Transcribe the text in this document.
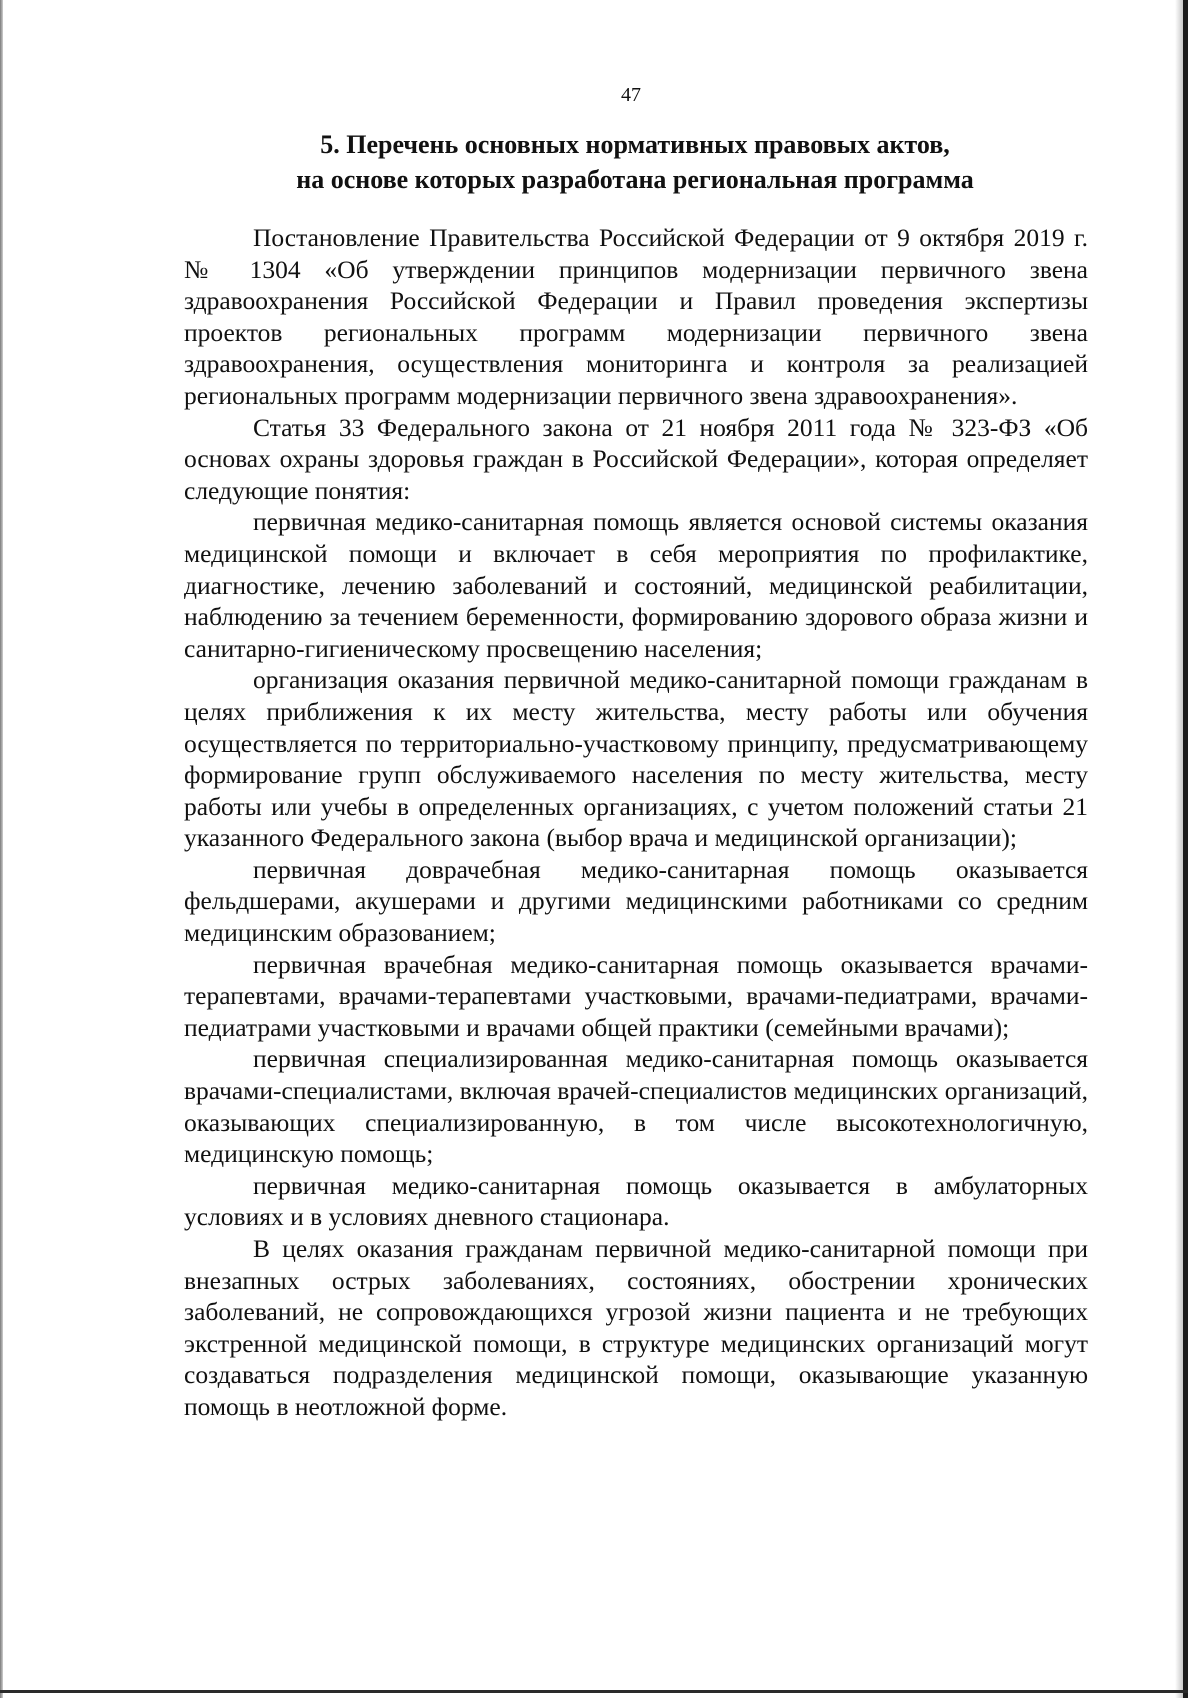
47
5. Перечень основных нормативных правовых актов,
на основе которых разработана региональная программа

Постановление Правительства Российской Федерации от 9 октября 2019 г. № 1304 «Об утверждении принципов модернизации первичного звена здравоохранения Российской Федерации и Правил проведения экспертизы проектов региональных программ модернизации первичного звена здравоохранения, осуществления мониторинга и контроля за реализацией региональных программ модернизации первичного звена здравоохранения».

Статья 33 Федерального закона от 21 ноября 2011 года № 323-ФЗ «Об основах охраны здоровья граждан в Российской Федерации», которая определяет следующие понятия:

первичная медико-санитарная помощь является основой системы оказания медицинской помощи и включает в себя мероприятия по профилактике, диагностике, лечению заболеваний и состояний, медицинской реабилитации, наблюдению за течением беременности, формированию здорового образа жизни и санитарно-гигиеническому просвещению населения;

организация оказания первичной медико-санитарной помощи гражданам в целях приближения к их месту жительства, месту работы или обучения осуществляется по территориально-участковому принципу, предусматривающему формирование групп обслуживаемого населения по месту жительства, месту работы или учебы в определенных организациях, с учетом положений статьи 21 указанного Федерального закона (выбор врача и медицинской организации);

первичная доврачебная медико-санитарная помощь оказывается фельдшерами, акушерами и другими медицинскими работниками со средним медицинским образованием;

первичная врачебная медико-санитарная помощь оказывается врачами-терапевтами, врачами-терапевтами участковыми, врачами-педиатрами, врачами-педиатрами участковыми и врачами общей практики (семейными врачами);

первичная специализированная медико-санитарная помощь оказывается врачами-специалистами, включая врачей-специалистов медицинских организаций, оказывающих специализированную, в том числе высокотехнологичную, медицинскую помощь;

первичная медико-санитарная помощь оказывается в амбулаторных условиях и в условиях дневного стационара.

В целях оказания гражданам первичной медико-санитарной помощи при внезапных острых заболеваниях, состояниях, обострении хронических заболеваний, не сопровождающихся угрозой жизни пациента и не требующих экстренной медицинской помощи, в структуре медицинских организаций могут создаваться подразделения медицинской помощи, оказывающие указанную помощь в неотложной форме.
